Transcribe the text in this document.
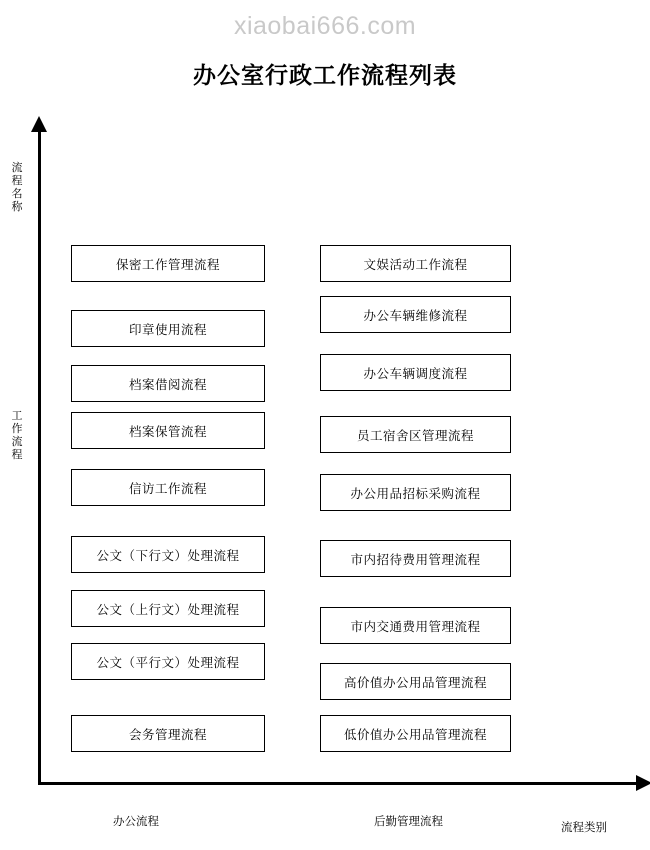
xiaobai666.com
办公室行政工作流程列表
流程名称
工作流程
办公流程	后勤管理流程	流程类别
保密工作管理流程
印章使用流程
档案借阅流程
档案保管流程
信访工作流程
公文（下行文）处理流程
公文（上行文）处理流程
公文（平行文）处理流程
会务管理流程
文娱活动工作流程
办公车辆维修流程
办公车辆调度流程
员工宿舍区管理流程
办公用品招标采购流程
市内招待费用管理流程
市内交通费用管理流程
高价值办公用品管理流程
低价值办公用品管理流程
